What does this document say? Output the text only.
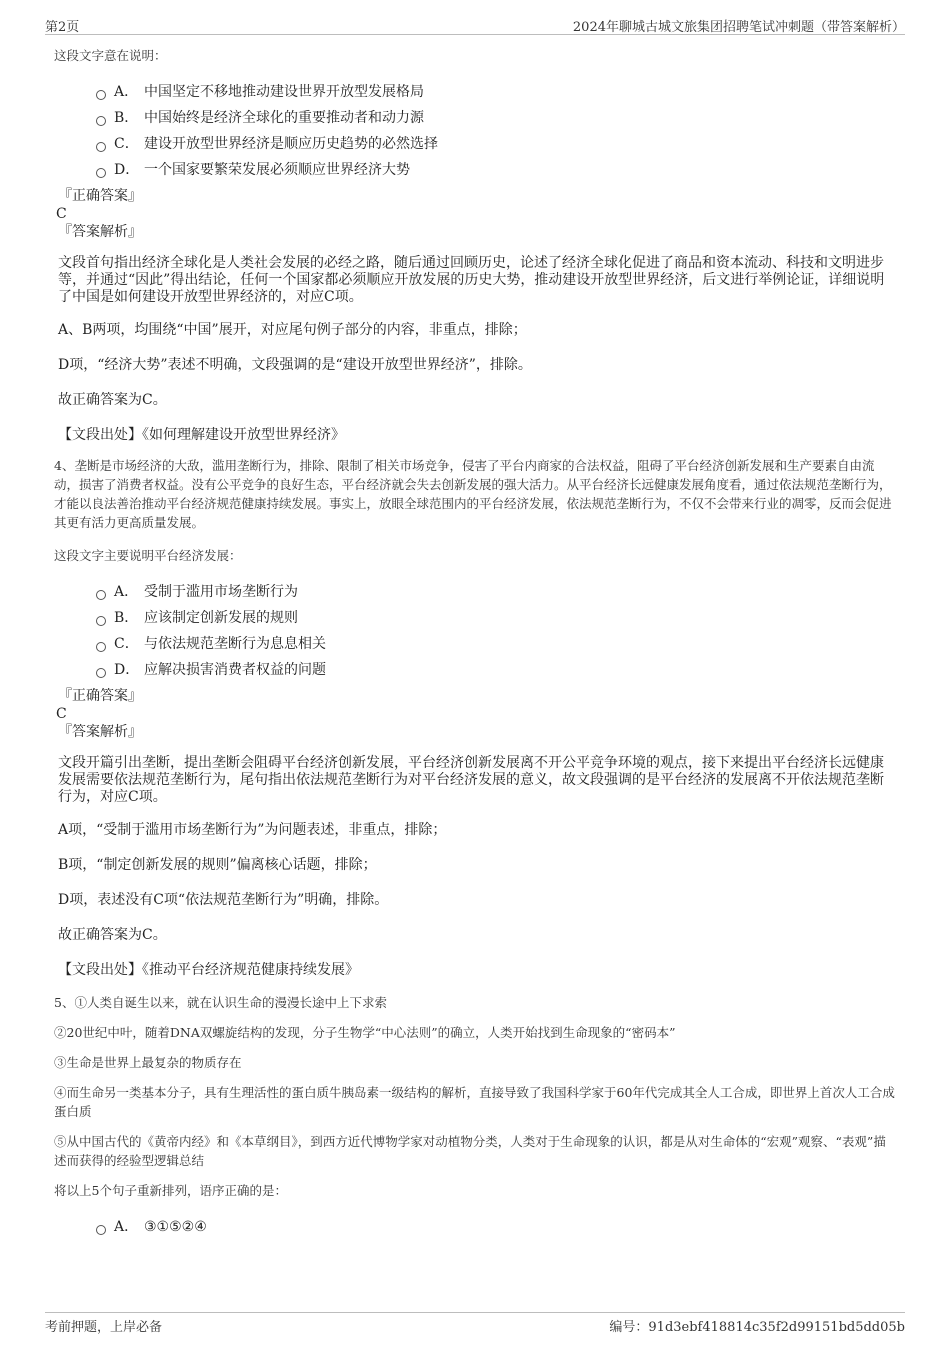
第2页	2024年聊城古城文旅集团招聘笔试冲刺题（带答案解析）

这段文字意在说明：

A． 中国坚定不移地推动建设世界开放型发展格局
B． 中国始终是经济全球化的重要推动者和动力源
C． 建设开放型世界经济是顺应历史趋势的必然选择
D． 一个国家要繁荣发展必须顺应世界经济大势

『正确答案』

C

『答案解析』

文段首句指出经济全球化是人类社会发展的必经之路，随后通过回顾历史，论述了经济全球化促进了商品和资本流动、科技和文明进步等，并通过“因此”得出结论，任何一个国家都必须顺应开放发展的历史大势，推动建设开放型世界经济，后文进行举例论证，详细说明了中国是如何建设开放型世界经济的，对应C项。

A、B两项，均围绕“中国”展开，对应尾句例子部分的内容，非重点，排除；

D项，“经济大势”表述不明确，文段强调的是“建设开放型世界经济”，排除。

故正确答案为C。

【文段出处】《如何理解建设开放型世界经济》

4、垄断是市场经济的大敌，滥用垄断行为，排除、限制了相关市场竞争，侵害了平台内商家的合法权益，阻碍了平台经济创新发展和生产要素自由流动，损害了消费者权益。没有公平竞争的良好生态，平台经济就会失去创新发展的强大活力。从平台经济长远健康发展角度看，通过依法规范垄断行为，才能以良法善治推动平台经济规范健康持续发展。事实上，放眼全球范围内的平台经济发展，依法规范垄断行为，不仅不会带来行业的凋零，反而会促进其更有活力更高质量发展。

这段文字主要说明平台经济发展：

A． 受制于滥用市场垄断行为
B． 应该制定创新发展的规则
C． 与依法规范垄断行为息息相关
D． 应解决损害消费者权益的问题

『正确答案』

C

『答案解析』

文段开篇引出垄断，提出垄断会阻碍平台经济创新发展，平台经济创新发展离不开公平竞争环境的观点，接下来提出平台经济长远健康发展需要依法规范垄断行为，尾句指出依法规范垄断行为对平台经济发展的意义，故文段强调的是平台经济的发展离不开依法规范垄断行为，对应C项。

A项，“受制于滥用市场垄断行为”为问题表述，非重点，排除；

B项，“制定创新发展的规则”偏离核心话题，排除；

D项，表述没有C项“依法规范垄断行为”明确，排除。

故正确答案为C。

【文段出处】《推动平台经济规范健康持续发展》

5、①人类自诞生以来，就在认识生命的漫漫长途中上下求索

②20世纪中叶，随着DNA双螺旋结构的发现，分子生物学“中心法则”的确立，人类开始找到生命现象的“密码本”

③生命是世界上最复杂的物质存在

④而生命另一类基本分子，具有生理活性的蛋白质牛胰岛素一级结构的解析，直接导致了我国科学家于60年代完成其全人工合成，即世界上首次人工合成蛋白质

⑤从中国古代的《黄帝内经》和《本草纲目》，到西方近代博物学家对动植物分类，人类对于生命现象的认识，都是从对生命体的“宏观”观察、“表观”描述而获得的经验型逻辑总结

将以上5个句子重新排列，语序正确的是：

A． ③①⑤②④
考前押题，上岸必备	编号：91d3ebf418814c35f2d99151bd5dd05b
